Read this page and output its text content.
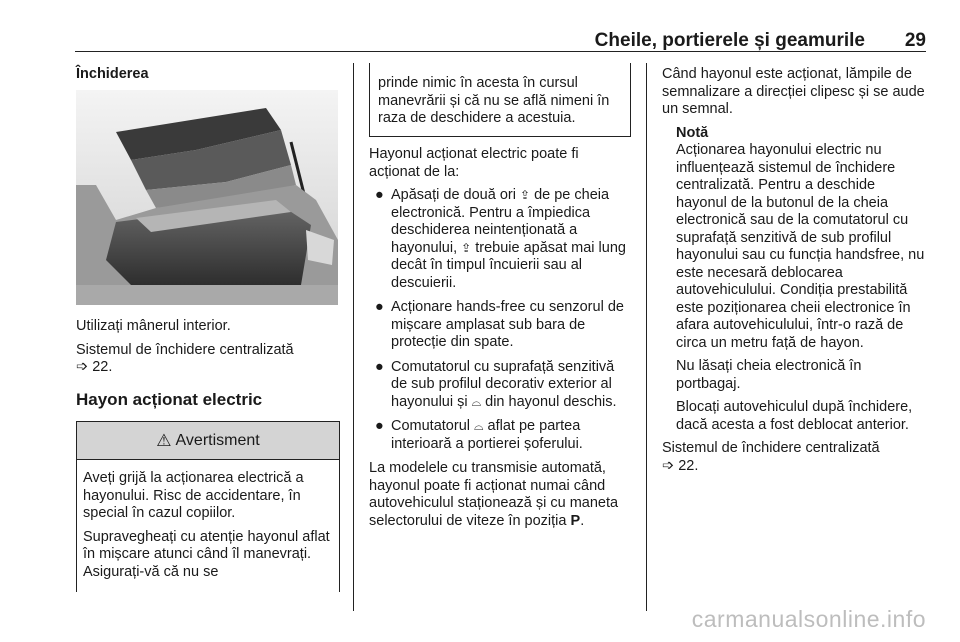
Cheile, portierele și geamurile 29
Închiderea

Utilizați mânerul interior.

Sistemul de închidere centralizată
➩ 22.

Hayon acționat electric
⚠ Avertisment

Aveți grijă la acționarea electrică a hayonului. Risc de accidentare, în special în cazul copiilor.

Supravegheați cu atenție hayonul aflat în mișcare atunci când îl manevrați. Asigurați-vă că nu se

prinde nimic în acesta în cursul manevrării și că nu se află nimeni în raza de deschidere a acestuia.

Hayonul acționat electric poate fi acționat de la:

● Apăsați de două ori ⇪ de pe cheia electronică. Pentru a împiedica deschiderea neintenționată a hayonului, ⇪ trebuie apăsat mai lung decât în timpul încuierii sau al descuierii.
● Acționare hands-free cu senzorul de mișcare amplasat sub bara de protecție din spate.
● Comutatorul cu suprafață senzitivă de sub profilul decorativ exterior al hayonului și ⌓ din hayonul deschis.
● Comutatorul ⌓ aflat pe partea interioară a portierei șoferului.

La modelele cu transmisie automată, hayonul poate fi acționat numai când autovehiculul staționează și cu maneta selectorului de viteze în poziția P.

Când hayonul este acționat, lămpile de semnalizare a direcției clipesc și se aude un semnal.

Notă

Acționarea hayonului electric nu influențează sistemul de închidere centralizată. Pentru a deschide hayonul de la butonul de la cheia electronică sau de la comutatorul cu suprafață senzitivă de sub profilul hayonului sau cu funcția handsfree, nu este necesară deblocarea autovehiculului. Condiția prestabilită este poziționarea cheii electronice în afara autovehiculului, într-o rază de circa un metru față de hayon.

Nu lăsați cheia electronică în portbagaj.

Blocați autovehiculul după închidere, dacă acesta a fost deblocat anterior.

Sistemul de închidere centralizată
➩ 22.

carmanualsonline.info
